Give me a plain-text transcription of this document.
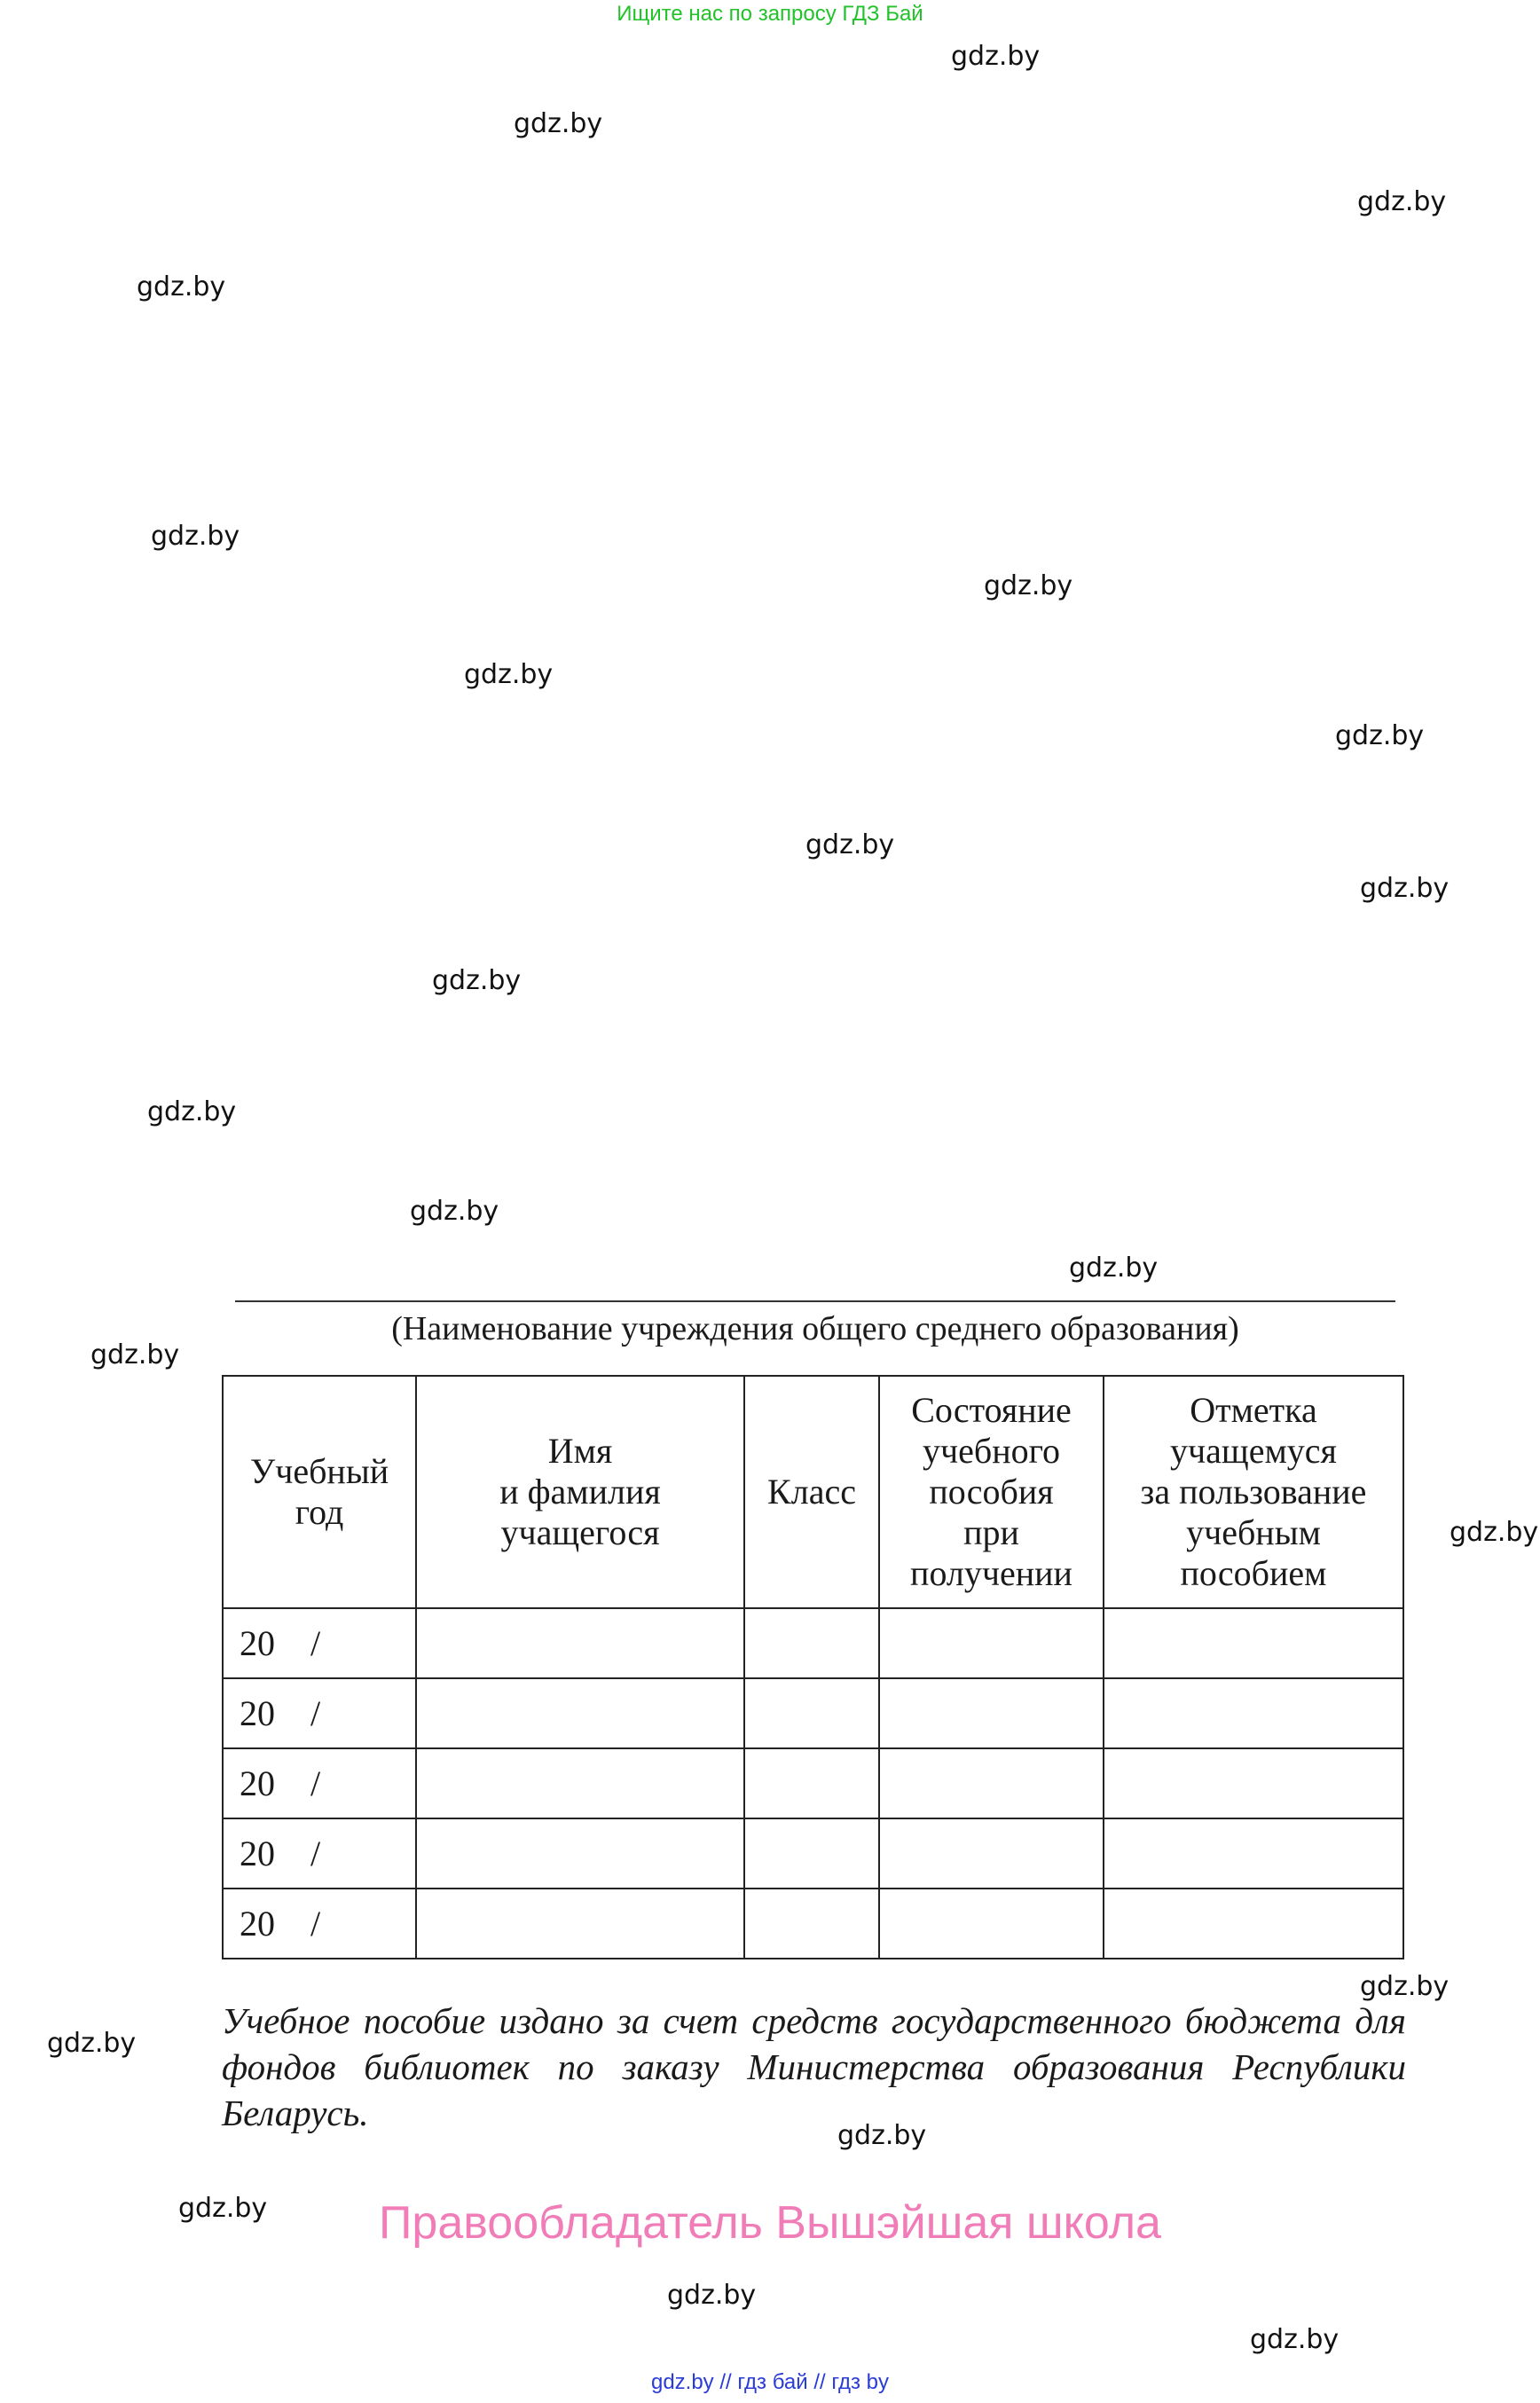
Ищите нас по запросу ГДЗ Бай
gdz.by
gdz.by
gdz.by
gdz.by
gdz.by
gdz.by
gdz.by
gdz.by
gdz.by
gdz.by
gdz.by
gdz.by
gdz.by
gdz.by
gdz.by
gdz.by
gdz.by
gdz.by
gdz.by
gdz.by
gdz.by
gdz.by
(Наименование учреждения общего среднего образования)
Учебный
год	Имя
и фамилия
учащегося	Класс	Состояние
учебного
пособия
при
получении	Отметка
учащемуся
за пользование
учебным
пособием

20    /				
20    /				
20    /				
20    /				
20    /				
Учебное пособие издано за счет средств государственного бюджета для фондов библиотек по заказу Министерства образования Республики Беларусь.
Правообладатель Вышэйшая школа
gdz.by // гдз бай // гдз by
